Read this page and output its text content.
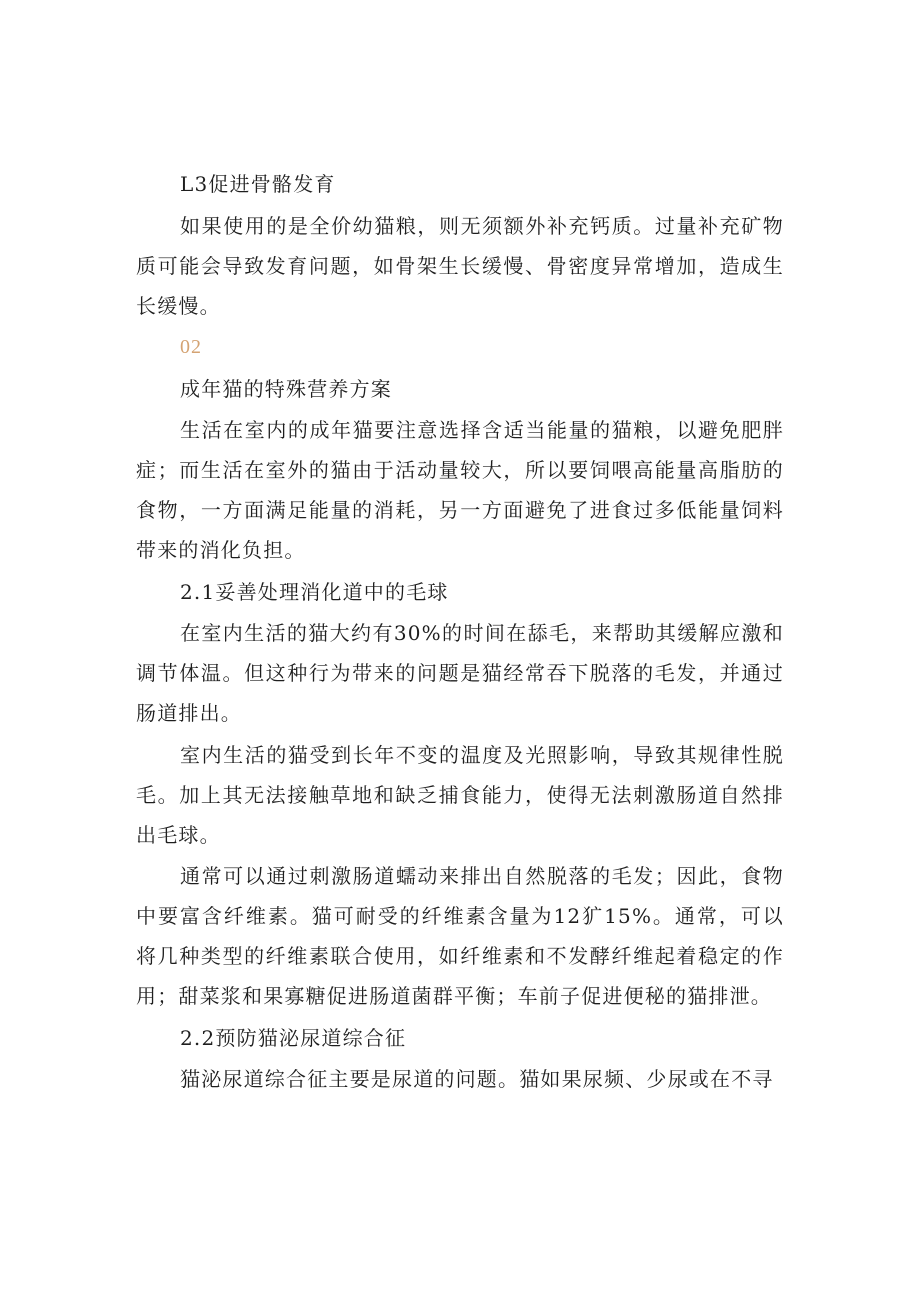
L3促进骨骼发育

如果使用的是全价幼猫粮，则无须额外补充钙质。过量补充矿物质可能会导致发育问题，如骨架生长缓慢、骨密度异常增加，造成生长缓慢。

02

成年猫的特殊营养方案

生活在室内的成年猫要注意选择含适当能量的猫粮，以避免肥胖症；而生活在室外的猫由于活动量较大，所以要饲喂高能量高脂肪的食物，一方面满足能量的消耗，另一方面避免了进食过多低能量饲料带来的消化负担。

2.1妥善处理消化道中的毛球

在室内生活的猫大约有30%的时间在舔毛，来帮助其缓解应激和调节体温。但这种行为带来的问题是猫经常吞下脱落的毛发，并通过肠道排出。

室内生活的猫受到长年不变的温度及光照影响，导致其规律性脱毛。加上其无法接触草地和缺乏捕食能力，使得无法刺激肠道自然排出毛球。

通常可以通过刺激肠道蠕动来排出自然脱落的毛发；因此，食物中要富含纤维素。猫可耐受的纤维素含量为12犷15%。通常，可以将几种类型的纤维素联合使用，如纤维素和不发酵纤维起着稳定的作用；甜菜浆和果寡糖促进肠道菌群平衡；车前子促进便秘的猫排泄。

2.2预防猫泌尿道综合征

猫泌尿道综合征主要是尿道的问题。猫如果尿频、少尿或在不寻
